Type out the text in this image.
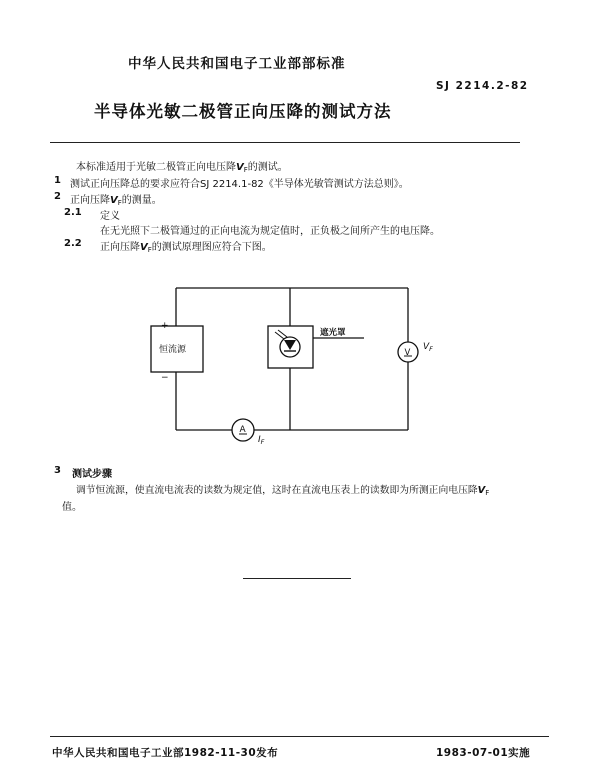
中华人民共和国电子工业部部标准
SJ 2214.2-82
半导体光敏二极管正向压降的测试方法
本标准适用于光敏二极管正向电压降$V_F$的测试。
1 测试正向压降总的要求应符合SJ 2214.1-82《半导体光敏管测试方法总则》。
2 正向压降$V_F$的测量。
2.1 定义
在无光照下二极管通过的正向电流为规定值时，正负极之间所产生的电压降。
2.2 正向压降$V_F$的测试原理图应符合下图。
+
−
恒流源
遮光罩
A
V
$I_F$
$V_F$
3 测试步骤
调节恒流源，使直流电流表的读数为规定值，这时在直流电压表上的读数即为所测正向电压降$V_F$
值。
中华人民共和国电子工业部1982-11-30发布	1983-07-01实施
